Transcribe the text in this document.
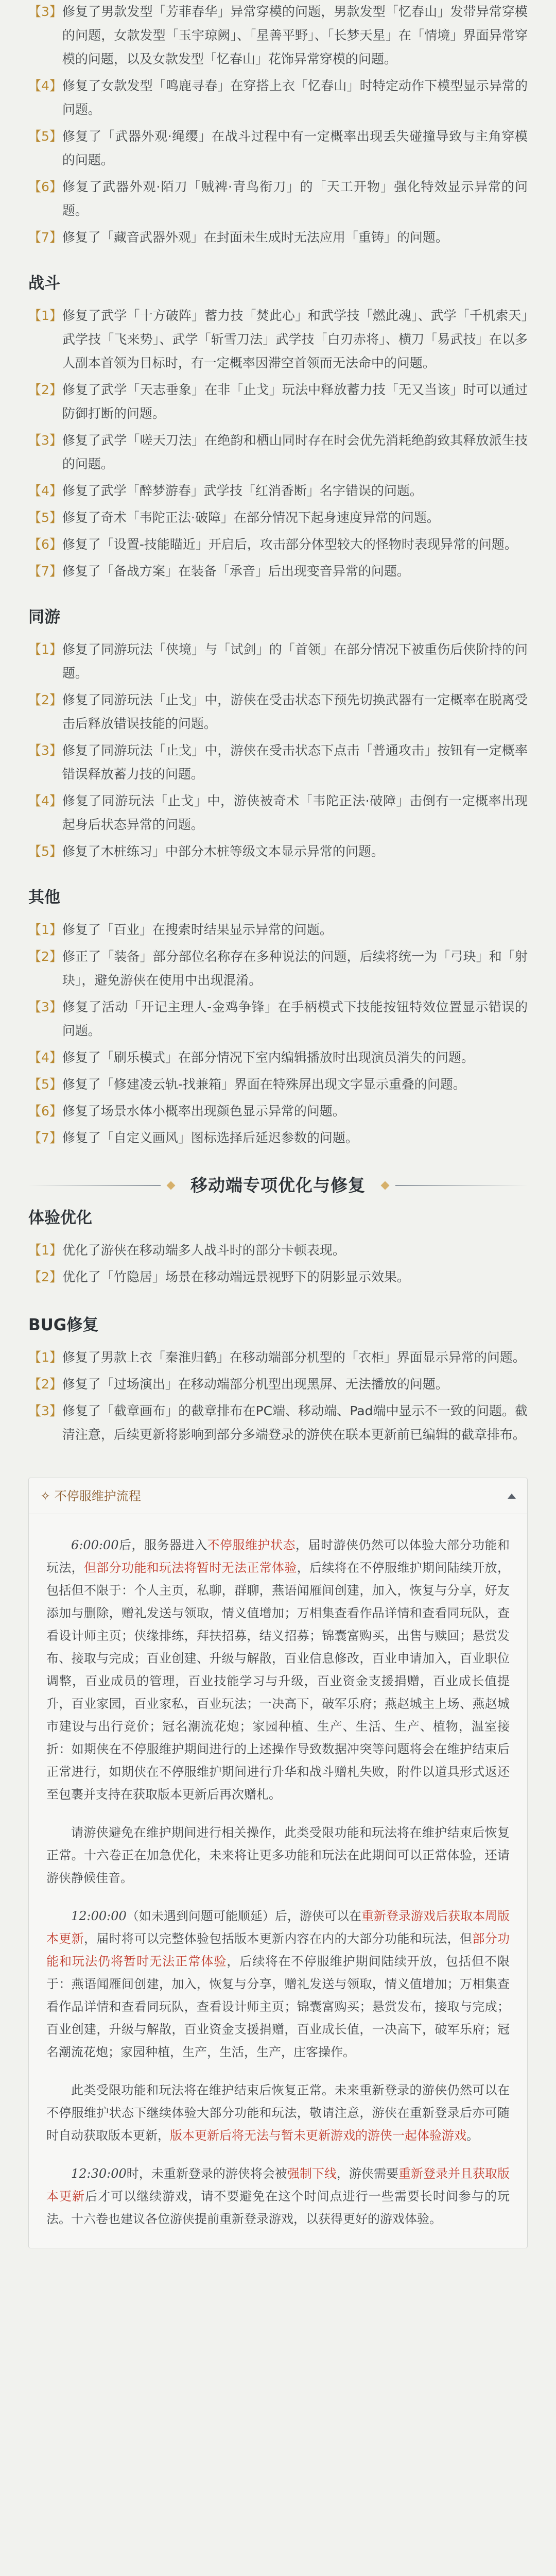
【3】 修复了男款发型「芳菲春华」异常穿模的问题，男款发型「忆春山」发带异常穿模的问题，女款发型「玉宇琼阙」、「星善平野」、「长梦天星」在「情境」界面异常穿模的问题，以及女款发型「忆春山」花饰异常穿模的问题。
【4】 修复了女款发型「鸣鹿寻春」在穿搭上衣「忆春山」时特定动作下模型显示异常的问题。
【5】 修复了「武器外观·绳缨」在战斗过程中有一定概率出现丢失碰撞导致与主角穿模的问题。
【6】 修复了武器外观·陌刀「贼裨·青鸟衔刀」的「天工开物」强化特效显示异常的问题。
【7】 修复了「藏音武器外观」在封面未生成时无法应用「重铸」的问题。
战斗
【1】 修复了武学「十方破阵」蓄力技「焚此心」和武学技「燃此魂」、武学「千机索天」武学技「飞来势」、武学「斩雪刀法」武学技「白刃赤将」、横刀「易武技」在以多人副本首领为目标时，有一定概率因滞空首领而无法命中的问题。
【2】 修复了武学「天志垂象」在非「止戈」玩法中释放蓄力技「无又当该」时可以通过防御打断的问题。
【3】 修复了武学「嗟天刀法」在绝韵和栖山同时存在时会优先消耗绝韵致其释放派生技的问题。
【4】 修复了武学「醉梦游春」武学技「红消香断」名字错误的问题。
【5】 修复了奇术「韦陀正法·破障」在部分情况下起身速度异常的问题。
【6】 修复了「设置-技能瞄近」开启后，攻击部分体型较大的怪物时表现异常的问题。
【7】 修复了「备战方案」在装备「承音」后出现变音异常的问题。
同游
【1】 修复了同游玩法「侠境」与「试剑」的「首领」在部分情况下被重伤后侠阶持的问题。
【2】 修复了同游玩法「止戈」中，游侠在受击状态下预先切换武器有一定概率在脱离受击后释放错误技能的问题。
【3】 修复了同游玩法「止戈」中，游侠在受击状态下点击「普通攻击」按钮有一定概率错误释放蓄力技的问题。
【4】 修复了同游玩法「止戈」中，游侠被奇术「韦陀正法·破障」击倒有一定概率出现起身后状态异常的问题。
【5】 修复了木桩练习」中部分木桩等级文本显示异常的问题。
其他
【1】 修复了「百业」在搜索时结果显示异常的问题。
【2】 修正了「装备」部分部位名称存在多种说法的问题，后续将统一为「弓玦」和「射玦」，避免游侠在使用中出现混淆。
【3】 修复了活动「开记主理人-金鸡争锋」在手柄模式下技能按钮特效位置显示错误的问题。
【4】 修复了「刷乐模式」在部分情况下室内编辑播放时出现演员消失的问题。
【5】 修复了「修建凌云轨-找兼箱」界面在特殊屏出现文字显示重叠的问题。
【6】 修复了场景水体小概率出现颜色显示异常的问题。
【7】 修复了「自定义画风」图标选择后延迟参数的问题。
移动端专项优化与修复
体验优化
【1】 优化了游侠在移动端多人战斗时的部分卡顿表现。
【2】 优化了「竹隐居」场景在移动端远景视野下的阴影显示效果。
BUG修复
【1】 修复了男款上衣「秦淮归鹤」在移动端部分机型的「衣柜」界面显示异常的问题。
【2】 修复了「过场演出」在移动端部分机型出现黑屏、无法播放的问题。
【3】 修复了「截章画布」的截章排布在PC端、移动端、Pad端中显示不一致的问题。截清注意，后续更新将影响到部分多端登录的游侠在联本更新前已编辑的截章排布。
✧ 不停服维护流程

6:00:00后，服务器进入不停服维护状态，届时游侠仍然可以体验大部分功能和玩法，但部分功能和玩法将暂时无法正常体验，后续将在不停服维护期间陆续开放，包括但不限于：个人主页，私聊，群聊，燕语闻雁间创建，加入，恢复与分享，好友添加与删除，赠礼发送与领取，情义值增加；万相集查看作品详情和查看同玩队，查看设计师主页；侠缘排练，拜扶招募，结义招募；锦囊富购买，出售与赎回；悬赏发布、接取与完成；百业创建、升级与解散，百业信息修改，百业申请加入，百业职位调整，百业成员的管理，百业技能学习与升级，百业资金支援捐赠，百业成长值提升，百业家园，百业家私，百业玩法；一决高下，破军乐府；燕赵城主上场、燕赵城市建设与出行竞价；冠名潮流花炮；家园种植、生产、生活、生产、植物，温室接折：如期侠在不停服维护期间进行的上述操作导致数据冲突等问题将会在维护结束后正常进行，如期侠在不停服维护期间进行升华和战斗赠札失败，附件以道具形式返还至包裹并支持在获取版本更新后再次赠札。

请游侠避免在维护期间进行相关操作，此类受限功能和玩法将在维护结束后恢复正常。十六卷正在加急优化，未来将让更多功能和玩法在此期间可以正常体验，还请游侠静候佳音。

12:00:00（如未遇到问题可能顺延）后，游侠可以在重新登录游戏后获取本周版本更新，届时将可以完整体验包括版本更新内容在内的大部分功能和玩法，但部分功能和玩法仍将暂时无法正常体验，后续将在不停服维护期间陆续开放，包括但不限于：燕语闻雁间创建，加入，恢复与分享，赠礼发送与领取，情义值增加；万相集查看作品详情和查看同玩队，查看设计师主页；锦囊富购买；悬赏发布，接取与完成；百业创建，升级与解散，百业资金支援捐赠，百业成长值，一决高下，破军乐府；冠名潮流花炮；家园种植，生产，生活，生产，庄客操作。

此类受限功能和玩法将在维护结束后恢复正常。未来重新登录的游侠仍然可以在不停服维护状态下继续体验大部分功能和玩法，敬请注意，游侠在重新登录后亦可随时自动获取版本更新，版本更新后将无法与暂未更新游戏的游侠一起体验游戏。

12:30:00时，未重新登录的游侠将会被强制下线，游侠需要重新登录并且获取版本更新后才可以继续游戏，请不要避免在这个时间点进行一些需要长时间参与的玩法。十六卷也建议各位游侠提前重新登录游戏，以获得更好的游戏体验。
